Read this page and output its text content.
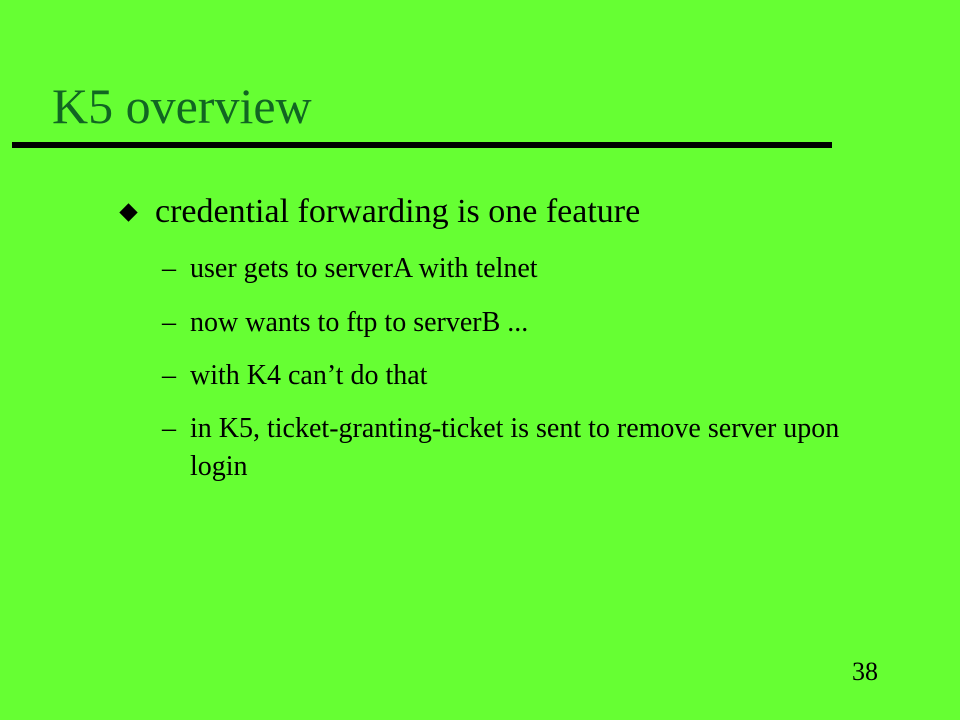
K5 overview
credential forwarding is one feature
– user gets to serverA with telnet
– now wants to ftp to serverB ...
– with K4 can’t do that
– in K5, ticket-granting-ticket is sent to remove server upon login
38
